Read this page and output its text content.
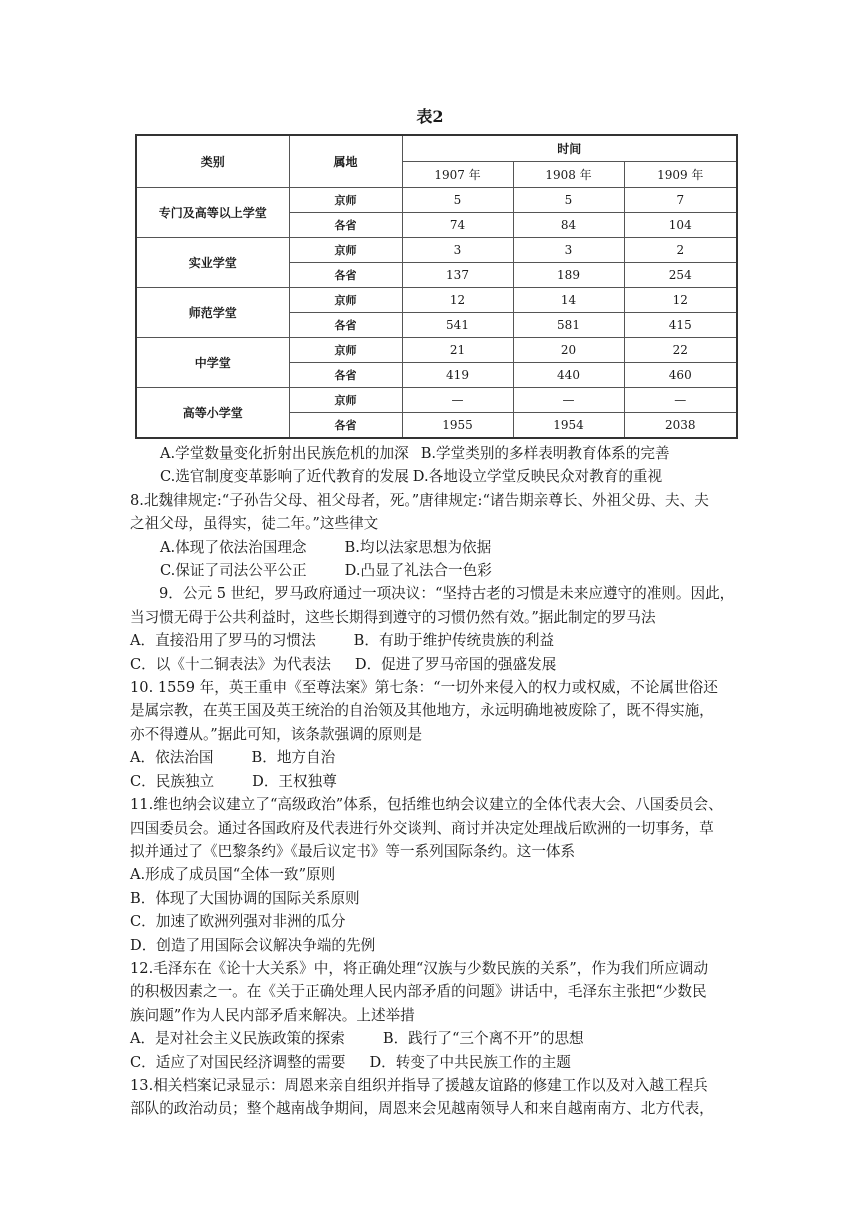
表2
类别	属地	时间		
		1907 年	1908 年	1909 年
专门及高等以上学堂	京师	5	5	7
	各省	74	84	104
实业学堂	京师	3	3	2
	各省	137	189	254
师范学堂	京师	12	14	12
	各省	541	581	415
中学堂	京师	21	20	22
	各省	419	440	460
高等小学堂	京师	—	—	—
	各省	1955	1954	2038

A.学堂数量变化折射出民族危机的加深 B.学堂类别的多样表明教育体系的完善

C.选官制度变革影响了近代教育的发展 D.各地设立学堂反映民众对教育的重视

8.北魏律规定:“子孙告父母、祖父母者，死。”唐律规定:“诸告期亲尊长、外祖父毋、夫、夫

之祖父母，虽得实，徒二年。”这些律文

A.体现了依法治国理念	B.均以法家思想为依据

C.保证了司法公平公正	D.凸显了礼法合一色彩

9．公元 5 世纪，罗马政府通过一项决议：“坚持古老的习惯是未来应遵守的准则。因此，

当习惯无碍于公共利益时，这些长期得到遵守的习惯仍然有效。”据此制定的罗马法

A．直接沿用了罗马的习惯法	B．有助于维护传统贵族的利益

C．以《十二铜表法》为代表法 D．促进了罗马帝国的强盛发展

10. 1559 年，英王重申《至尊法案》第七条：“一切外来侵入的权力或权威，不论属世俗还

是属宗教，在英王国及英王统治的自治领及其他地方，永远明确地被废除了，既不得实施，

亦不得遵从。”据此可知，该条款强调的原则是

A．依法治国	B．地方自治

C．民族独立	D．王权独尊

11.维也纳会议建立了“高级政治”体系，包括维也纳会议建立的全体代表大会、八国委员会、

四国委员会。通过各国政府及代表进行外交谈判、商讨并决定处理战后欧洲的一切事务，草

拟并通过了《巴黎条约》《最后议定书》等一系列国际条约。这一体系

A.形成了成员国“全体一致”原则

B．体现了大国协调的国际关系原则

C．加速了欧洲列强对非洲的瓜分

D．创造了用国际会议解决争端的先例

12.毛泽东在《论十大关系》中，将正确处理“汉族与少数民族的关系”，作为我们所应调动

的积极因素之一。在《关于正确处理人民内部矛盾的问题》讲话中，毛泽东主张把“少数民

族问题”作为人民内部矛盾来解决。上述举措

A．是对社会主义民族政策的探索	B．践行了“三个离不开”的思想

C．适应了对国民经济调整的需要 D．转变了中共民族工作的主题

13.相关档案记录显示：周恩来亲自组织并指导了援越友谊路的修建工作以及对入越工程兵

部队的政治动员；整个越南战争期间，周恩来会见越南领导人和来自越南南方、北方代表，
